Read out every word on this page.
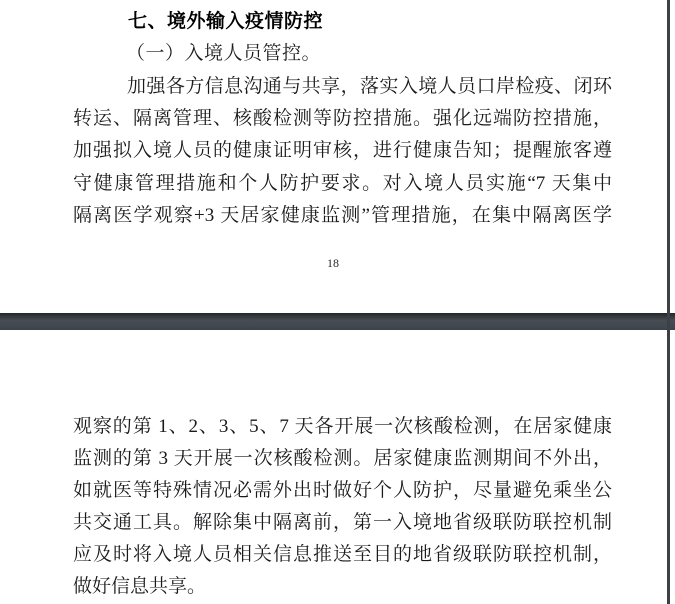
七、境外输入疫情防控
（一）入境人员管控。
加强各方信息沟通与共享，落实入境人员口岸检疫、闭环
转运、隔离管理、核酸检测等防控措施。强化远端防控措施，
加强拟入境人员的健康证明审核，进行健康告知；提醒旅客遵
守健康管理措施和个人防护要求。对入境人员实施“7 天集中
隔离医学观察+3 天居家健康监测”管理措施，在集中隔离医学
18
观察的第 1、2、3、5、7 天各开展一次核酸检测，在居家健康
监测的第 3 天开展一次核酸检测。居家健康监测期间不外出，
如就医等特殊情况必需外出时做好个人防护，尽量避免乘坐公
共交通工具。解除集中隔离前，第一入境地省级联防联控机制
应及时将入境人员相关信息推送至目的地省级联防联控机制，
做好信息共享。
